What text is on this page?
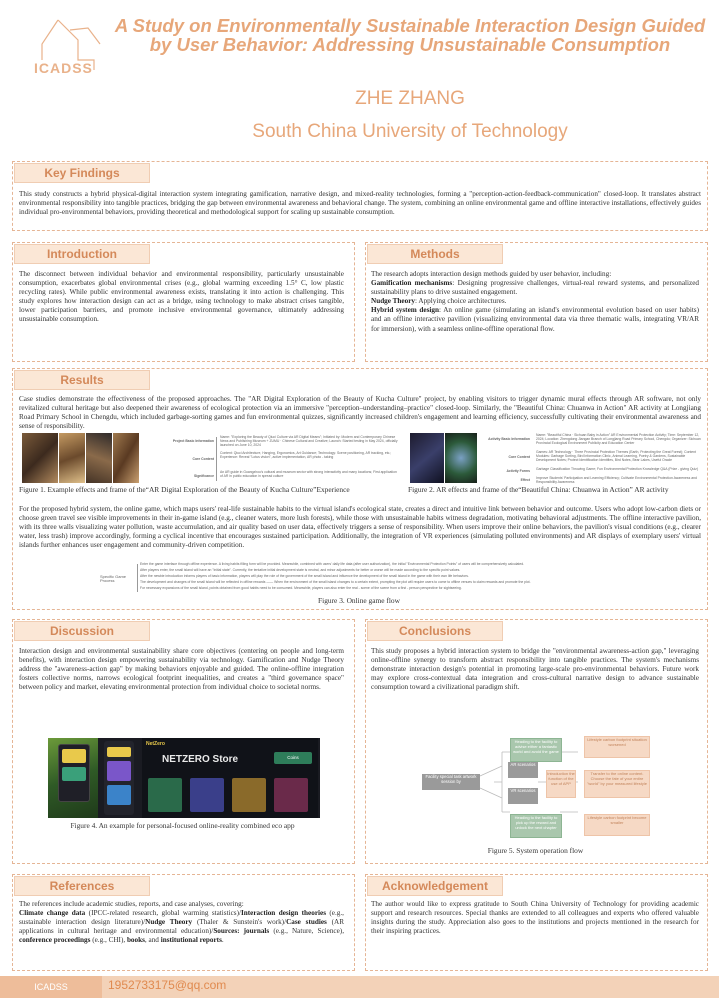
ICADSS
A Study on Environmentally Sustainable Interaction Design Guided by User Behavior: Addressing Unsustainable Consumption
ZHE ZHANG
South China University of Technology
Key Findings
This study constructs a hybrid physical-digital interaction system integrating gamification, narrative design, and mixed-reality technologies, forming a "perception-action-feedback-communication" closed-loop. It translates abstract environmental responsibility into tangible practices, bridging the gap between environmental awareness and behavioral change. The system, combining an online environmental game and offline interactive installations, effectively guides individual pro-environmental behaviors, providing theoretical and methodological support for scaling up sustainable consumption.
Introduction
The disconnect between individual behavior and environmental responsibility, particularly unsustainable consumption, exacerbates global environmental crises (e.g., global warming exceeding 1.5° C, low plastic recycling rates). While public environmental awareness exists, translating it into action is challenging. This study explores how interaction design can act as a bridge, using technology to make abstract crises tangible, lower participation barriers, and promote inclusive environmental governance, ultimately addressing unsustainable consumption.
Methods
The research adopts interaction design methods guided by user behavior, including:
Gamification mechanisms: Designing progressive challenges, virtual-real reward systems, and personalized sustainability plans to drive sustained engagement.
Nudge Theory: Applying choice architectures.
Hybrid system design: An online game (simulating an island's environmental evolution based on user habits) and an offline interactive pavilion (visualizing environmental data via three thematic walls, integrating VR/AR for immersion), with a seamless online-offline operational flow.
Results
Case studies demonstrate the effectiveness of the proposed approaches. The "AR Digital Exploration of the Beauty of Kucha Culture" project, by enabling visitors to trigger dynamic mural effects through AR software, not only revitalized cultural heritage but also deepened their awareness of ecological protection via an immersive "perception–understanding–practice" closed-loop. Similarly, the "Beautiful China: Chuanwa in Action" AR activity at Longjiang Road Primary School in Chengdu, which included garbage-sorting games and fun environmental quizzes, significantly increased children's engagement and learning efficiency, successfully cultivating their environmental awareness and sense of responsibility.
Project Basic Information
Name: "Exploring the Beauty of Qiuci Culture via AR Digital Means"; Initiated by: Modern and Contemporary Chinese News and Publishing Museum + ZUMU · Chinese Cultural and Creative; Launch: Started testing in May 2024, officially launched on June 10, 2024
Core Content
Content: Qiuci Architecture, Hanging, Ergonomics, Art Guidance; Technology: Scene positioning, AR tracking, etc.; Experience: Reveal "Lotus vision", active implementation, AR photo - taking
Significance
An AR guide in Guangzhou's cultural and museum sector with strong interactivity and many locations; First application of AR in public education in spread culture
Figure 1. Example effects and frame of the“AR Digital Exploration of the Beauty of Kucha Culture”Experience
Activity Basic Information
Name: "Beautiful China · Sichuan Baby in Action" AR Environmental Protection Activity; Time: September 12, 2024; Location: Zhengdong Jiangan Branch of Longjiang Road Primary School, Chengdu; Organizer: Sichuan Provincial Ecological Environment Publicity and Education Center
Core Content
Games: AR Technology · Three Provincial Protection Themes (Earth, Protecting the Great Forest); Content Modules: Garbage Sorting, Bird Information Clinic, Animal Learning, Poetry & Gardens, Sustainable Development Notes; Protect Identification Identifies, Bird Notes, Bear Lakes, Useful Oracle
Activity Forms Garbage Classification Throwing Game; Fun Environmental Protection Knowledge Q&A (Prize - giving Quiz)
Effect Improve Students' Participation and Learning Efficiency; Cultivate Environmental Protection Awareness and Responsibility Awareness
Figure 2. AR effects and frame of the“Beautiful China: Chuanwa in Action” AR activity
For the proposed hybrid system, the online game, which maps users' real-life sustainable habits to the virtual island's ecological state, creates a direct and intuitive link between behavior and outcome. Users who adopt low-carbon diets or choose green travel see visible improvements in their in-game island (e.g., cleaner waters, more lush forests), while those with unsustainable habits witness degradation, motivating behavioral adjustments. The offline interactive pavilion, with its three walls visualizing water pollution, waste accumulation, and air quality based on user data, effectively triggers a sense of responsibility. When users improve their online behaviors, the pavilion's visual conditions (e.g., clearer water, less trash) improve accordingly, forming a cyclical incentive that encourages sustained participation. Additionally, the integration of VR experiences (simulating polluted environments) and AR displays of exemplary users' virtual islands further enhances user engagement and community-driven competition.
Specific Game Process
Enter the game interface through offline experience. A living habits filling form will be provided. Meanwhile, combined with users' daily life data (after user authorization), the initial "Environmental Protection Points" of users will be comprehensively calculated.
After players enter, the small island will have an "initial state". Currently, the tentative initial development state is neutral, and minor adjustments for better or worse will be made according to the specific point values.
After the newbie introduction informs players of basic information, players will play the role of the government of the small island and influence the development of the small island in the game with their own life behaviors.
The development and changes of the small island will be reflected in offline rewards —— When the environment of the small island changes to a certain extent, prompting the plot will require users to come to offline venues to claim rewards and promote the plot.
For necessary expansions of the small island, points obtained from good habits need to be consumed. Meanwhile, players can also enter the real - scene of the scene from a first - person perspective for sightseeing.
Figure 3. Online game flow
Discussion
Interaction design and environmental sustainability share core objectives (centering on people and long-term benefits), with interaction design empowering sustainability via technology. Gamification and Nudge Theory address the "awareness-action gap" by making behaviors enjoyable and guided. The online-offline integration fosters collective norms, narrows ecological footprint inequalities, and creates a "third governance space" between policy and market, elevating environmental protection from individual choice to societal norms.
NetZero
NETZERO Store	Coins
Figure 4. An example for personal-focused online-reality combined eco app
Conclusions
This study proposes a hybrid interaction system to bridge the "environmental awareness-action gap," leveraging online-offline synergy to transform abstract responsibility into tangible practices. The system's mechanisms demonstrate interaction design's potential in promoting large-scale pro-environmental behaviors. Future work may explore cross-contextual data integration and cross-cultural narrative design to advance sustainable consumption toward a civilizational paradigm shift.
Facility special task artwork session by
AR scenarios
VR scenarios
Introduction the function of the use of APP
Heading to the facility to advise either a fantastic world and avoid the game
Heading to the facility to pick up the reward and unlock the next chapter
Lifestyle carbon footprint situation worsened
Transfer to the online content. Choose the fate of your entire "world" by your measured lifestyle
Lifestyle carbon footprint become smaller
Figure 5. System operation flow
References
The references include academic studies, reports, and case analyses, covering:
Climate change data (IPCC-related research, global warming statistics)/Interaction design theories (e.g., sustainable interaction design literature)/Nudge Theory (Thaler & Sunstein's work)/Case studies (AR applications in cultural heritage and environmental education)/Sources: journals (e.g., Nature, Science), conference proceedings (e.g., CHI), books, and institutional reports.
Acknowledgement
The author would like to express gratitude to South China University of Technology for providing academic support and research resources. Special thanks are extended to all colleagues and experts who offered valuable insights during the study. Appreciation also goes to the institutions and projects mentioned in the research for their inspiring practices.
ICADSS	1952733175@qq.com
